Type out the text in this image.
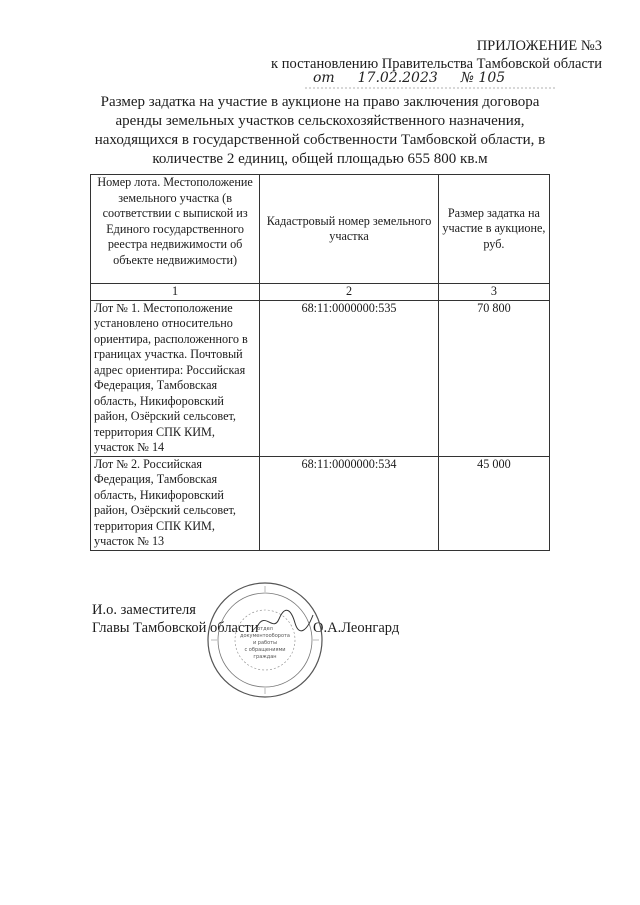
ПРИЛОЖЕНИЕ №3
к постановлению Правительства Тамбовской области
от 17.02.2023 № 105
Размер задатка на участие в аукционе на право заключения договора аренды земельных участков сельскохозяйственного назначения, находящихся в государственной собственности Тамбовской области, в количестве 2 единиц, общей площадью 655 800 кв.м
Номер лота. Местоположение земельного участка (в соответствии с выпиской из Единого государственного реестра недвижимости об объекте недвижимости)	Кадастровый номер земельного участка	Размер задатка на участие в аукционе, руб.
1	2	3
Лот № 1. Местоположение установлено относительно ориентира, расположенного в границах участка. Почтовый адрес ориентира: Российская Федерация, Тамбовская область, Никифоровский район, Озёрский сельсовет, территория СПК КИМ, участок № 14	68:11:0000000:535	70 800
Лот № 2. Российская Федерация, Тамбовская область, Никифоровский район, Озёрский сельсовет, территория СПК КИМ, участок № 13	68:11:0000000:534	45 000
И.о. заместителя
Главы Тамбовской области	О.А.Леонгард
отдел
документооборота
и работы
с обращениями
граждан
